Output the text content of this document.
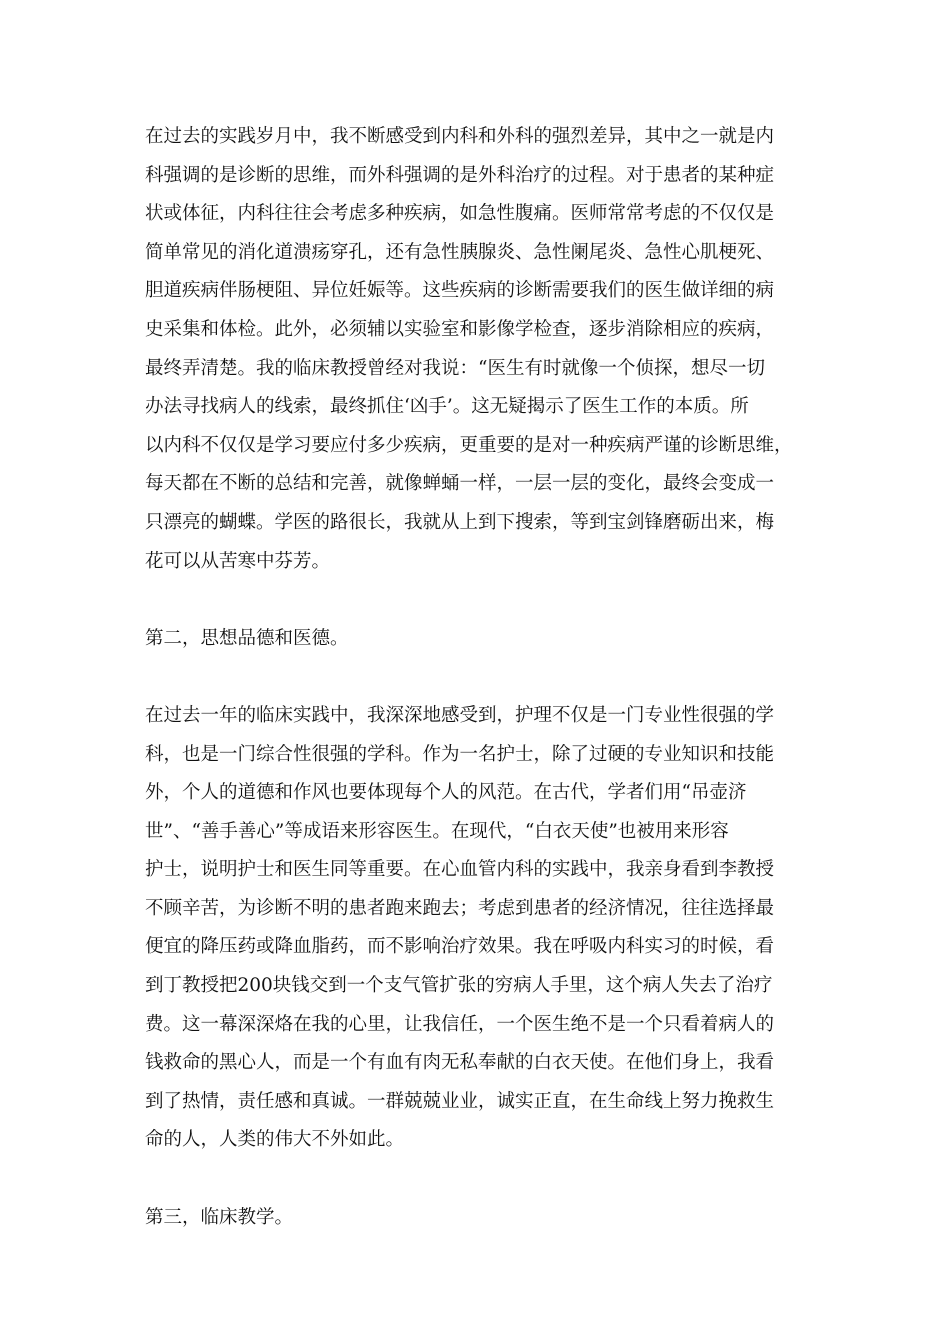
在过去的实践岁月中，我不断感受到内科和外科的强烈差异，其中之一就是内
科强调的是诊断的思维，而外科强调的是外科治疗的过程。对于患者的某种症
状或体征，内科往往会考虑多种疾病，如急性腹痛。医师常常考虑的不仅仅是
简单常见的消化道溃疡穿孔，还有急性胰腺炎、急性阑尾炎、急性心肌梗死、
胆道疾病伴肠梗阻、异位妊娠等。这些疾病的诊断需要我们的医生做详细的病
史采集和体检。此外，必须辅以实验室和影像学检查，逐步消除相应的疾病，
最终弄清楚。我的临床教授曾经对我说：“医生有时就像一个侦探，想尽一切
办法寻找病人的线索，最终抓住‘凶手’。这无疑揭示了医生工作的本质。所
以内科不仅仅是学习要应付多少疾病，更重要的是对一种疾病严谨的诊断思维，
每天都在不断的总结和完善，就像蝉蛹一样，一层一层的变化，最终会变成一
只漂亮的蝴蝶。学医的路很长，我就从上到下搜索，等到宝剑锋磨砺出来，梅
花可以从苦寒中芬芳。
第二，思想品德和医德。
在过去一年的临床实践中，我深深地感受到，护理不仅是一门专业性很强的学
科，也是一门综合性很强的学科。作为一名护士，除了过硬的专业知识和技能
外，个人的道德和作风也要体现每个人的风范。在古代，学者们用“吊壶济
世”、“善手善心”等成语来形容医生。在现代，“白衣天使”也被用来形容
护士，说明护士和医生同等重要。在心血管内科的实践中，我亲身看到李教授
不顾辛苦，为诊断不明的患者跑来跑去；考虑到患者的经济情况，往往选择最
便宜的降压药或降血脂药，而不影响治疗效果。我在呼吸内科实习的时候，看
到丁教授把200块钱交到一个支气管扩张的穷病人手里，这个病人失去了治疗
费。这一幕深深烙在我的心里，让我信任，一个医生绝不是一个只看着病人的
钱救命的黑心人，而是一个有血有肉无私奉献的白衣天使。在他们身上，我看
到了热情，责任感和真诚。一群兢兢业业，诚实正直，在生命线上努力挽救生
命的人，人类的伟大不外如此。
第三，临床教学。
